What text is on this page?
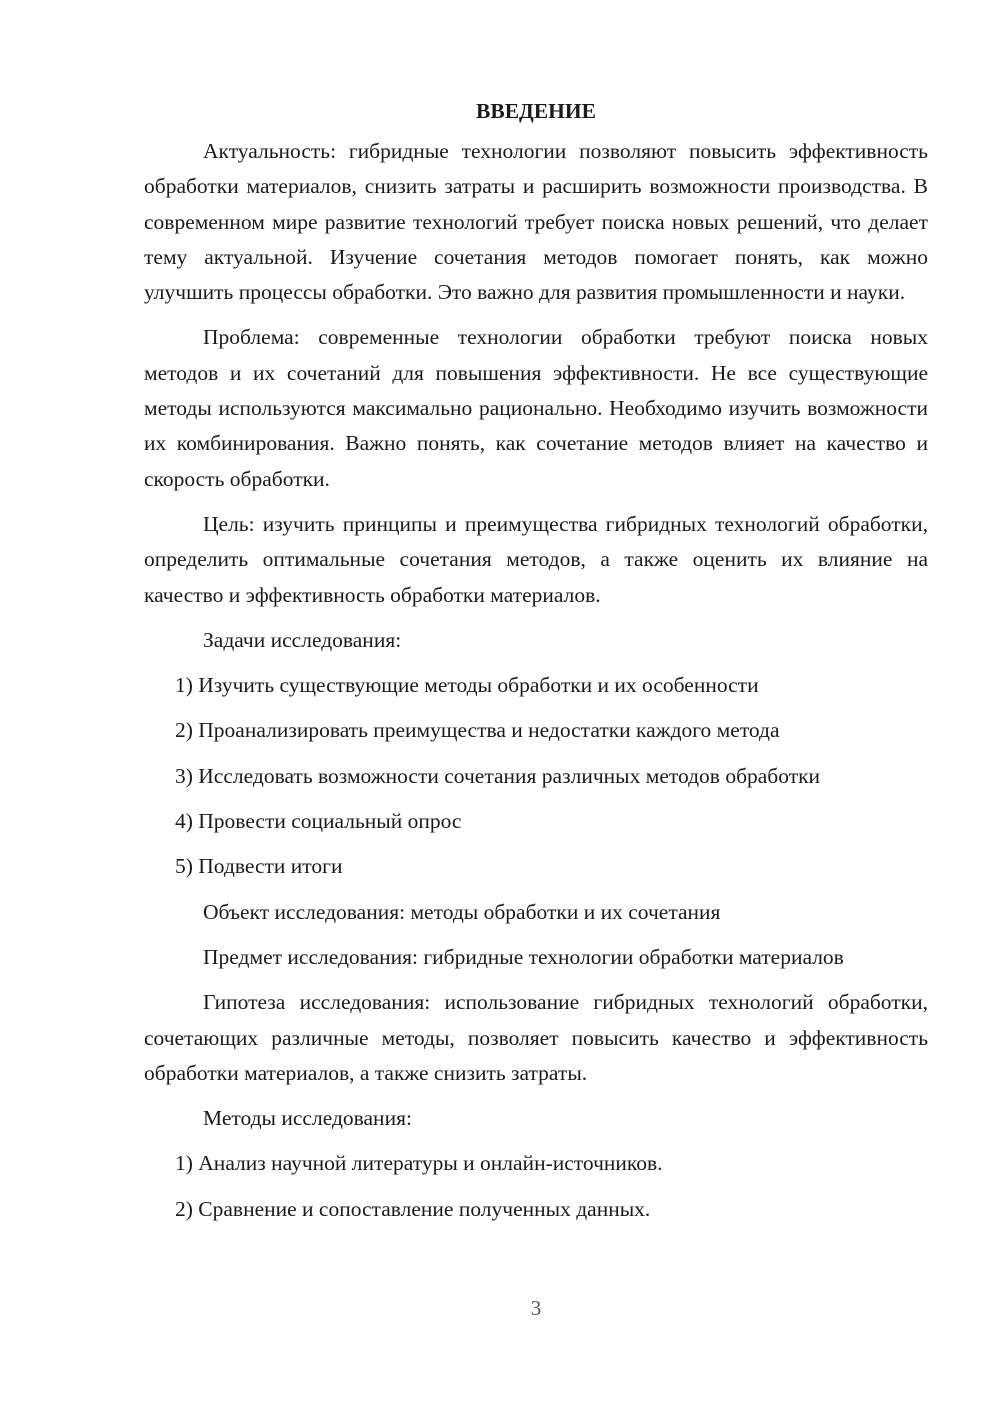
ВВЕДЕНИЕ

Актуальность: гибридные технологии позволяют повысить эффективность обработки материалов, снизить затраты и расширить возможности производства. В современном мире развитие технологий требует поиска новых решений, что делает тему актуальной. Изучение сочетания методов помогает понять, как можно улучшить процессы обработки. Это важно для развития промышленности и науки.

Проблема: современные технологии обработки требуют поиска новых методов и их сочетаний для повышения эффективности. Не все существующие методы используются максимально рационально. Необходимо изучить возможности их комбинирования. Важно понять, как сочетание методов влияет на качество и скорость обработки.

Цель: изучить принципы и преимущества гибридных технологий обработки, определить оптимальные сочетания методов, а также оценить их влияние на качество и эффективность обработки материалов.

Задачи исследования:

1) Изучить существующие методы обработки и их особенности

2) Проанализировать преимущества и недостатки каждого метода

3) Исследовать возможности сочетания различных методов обработки

4) Провести социальный опрос

5) Подвести итоги

Объект исследования: методы обработки и их сочетания

Предмет исследования: гибридные технологии обработки материалов

Гипотеза исследования: использование гибридных технологий обработки, сочетающих различные методы, позволяет повысить качество и эффективность обработки материалов, а также снизить затраты.

Методы исследования:

1) Анализ научной литературы и онлайн-источников.

2) Сравнение и сопоставление полученных данных.

3
